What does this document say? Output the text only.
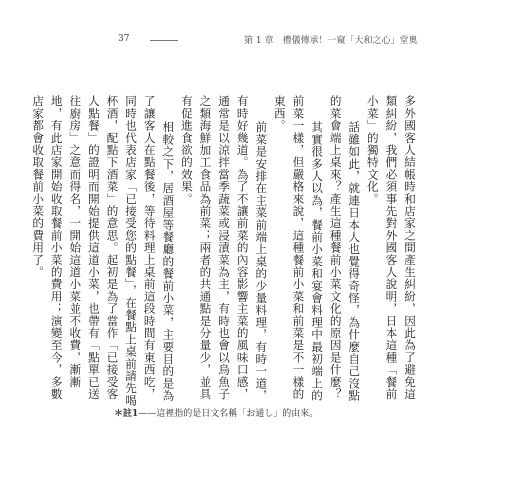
37	第 1 章　禮儀傳承！一窺「大和之心」堂奧

多外國客人結帳時和店家之間產生糾紛，因此為了避免這類糾紛，我們必須事先對外國客人說明，日本這種「餐前小菜」的獨特文化。

話雖如此，就連日本人也覺得奇怪，為什麼自己沒點的菜會端上桌來？產生這種餐前小菜文化的原因是什麼？

其實很多人以為，餐前小菜和宴會料理中最初端上的前菜一樣，但嚴格來說，這種餐前小菜和前菜是不一樣的東西。

前菜是安排在主菜前端上桌的少量料理，有時一道，有時好幾道。為了不讓前菜的內容影響主菜的風味口感，通常是以涼拌當季蔬菜或浸漬菜為主，有時也會以烏魚子之類海鮮加工食品為前菜；兩者的共通點是分量少，並具有促進食欲的效果。

相較之下，居酒屋等餐廳的餐前小菜，主要目的是為了讓客人在點餐後，等待料理上桌前這段時間有東西吃，同時也代表店家「已接受您的點餐」，在餐點上桌前請先喝杯酒，配點下酒菜」的意思。起初是為了當作「已接受客人點餐」的證明而開始提供這道小菜，也帶有「點單已送往廚房」之意而得名，一開始這道小菜並不收費，漸漸地，有此店家開始收取餐前小菜的費用；演變至今，多數店家都會收取餐前小菜的費用了。

＊註1——這裡指的是日文名稱「お通し」的由來。
